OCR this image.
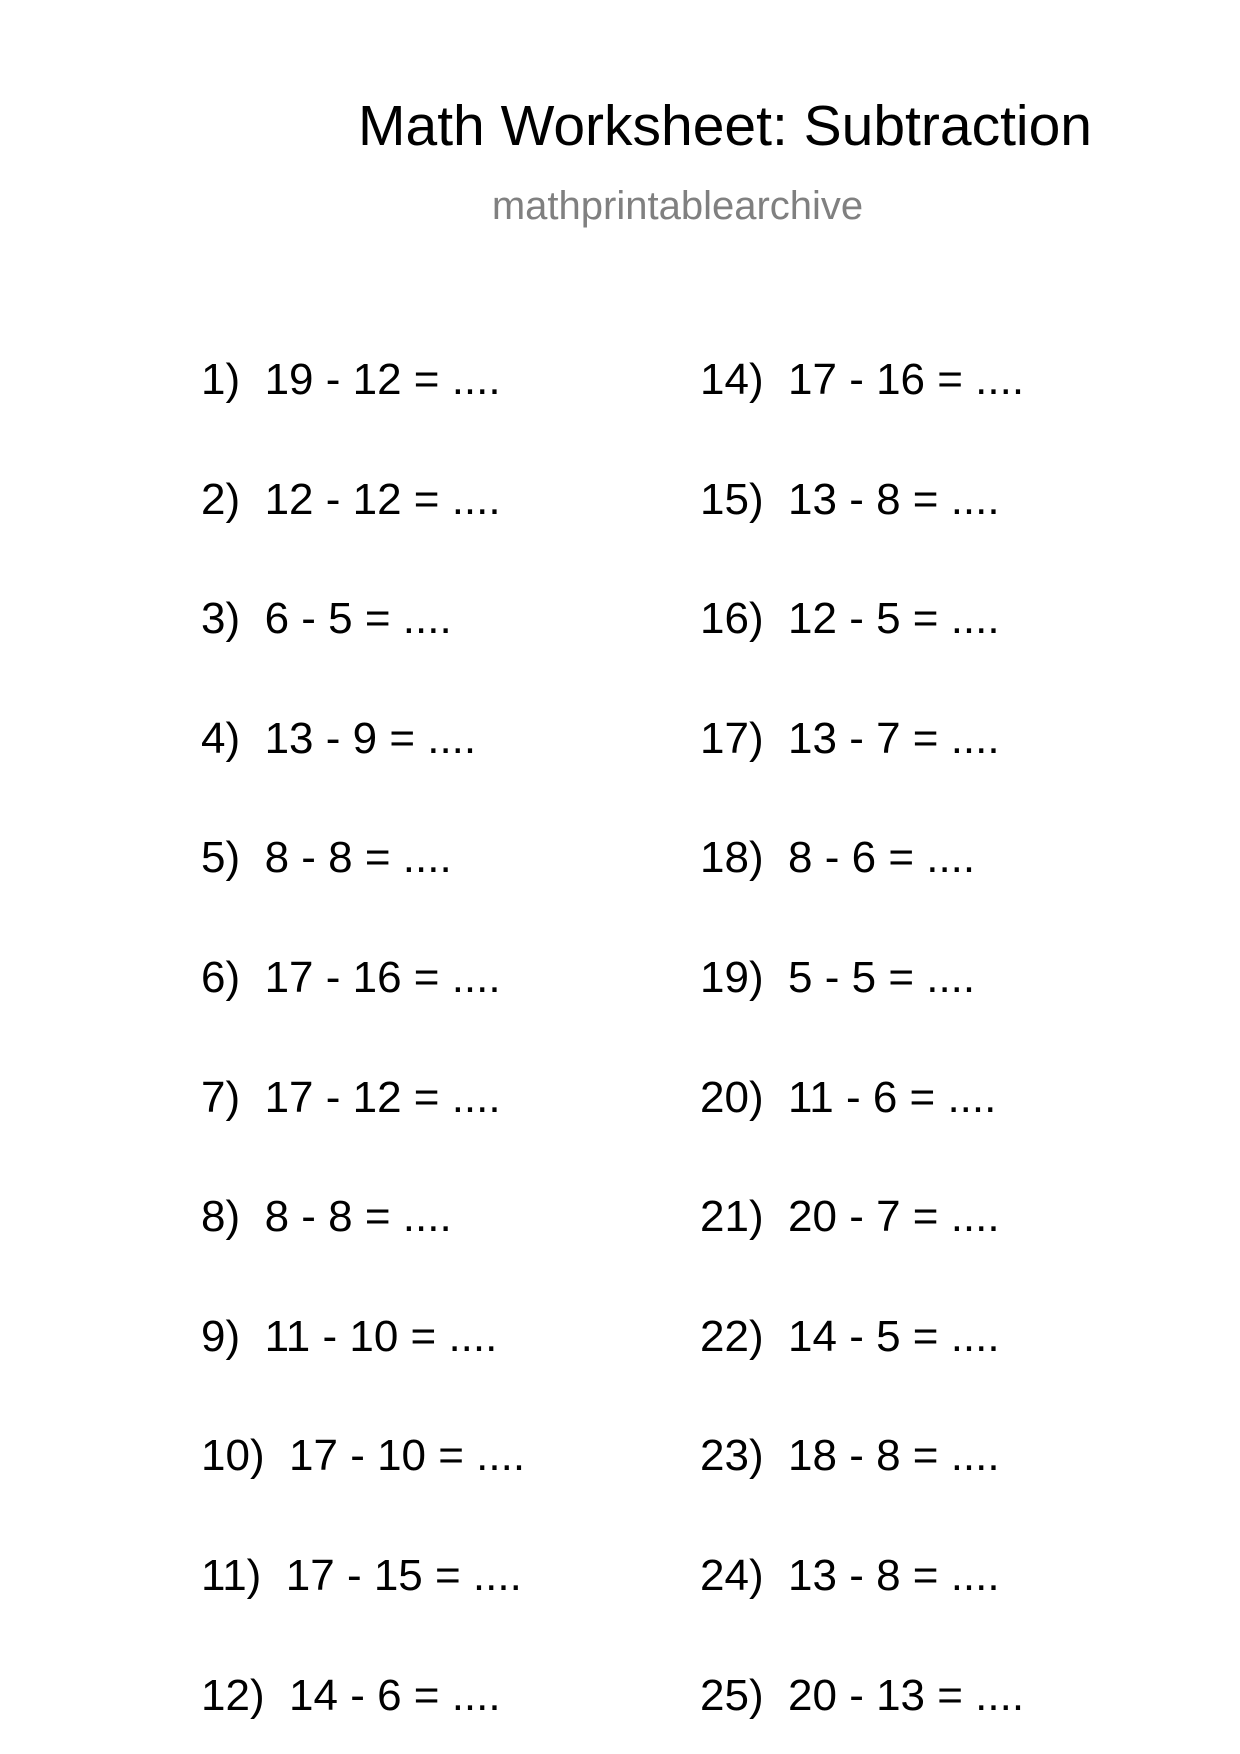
Math Worksheet: Subtraction
mathprintablearchive
1) 19 - 12 = ....
2) 12 - 12 = ....
3) 6 - 5 = ....
4) 13 - 9 = ....
5) 8 - 8 = ....
6) 17 - 16 = ....
7) 17 - 12 = ....
8) 8 - 8 = ....
9) 11 - 10 = ....
10) 17 - 10 = ....
11) 17 - 15 = ....
12) 14 - 6 = ....
14) 17 - 16 = ....
15) 13 - 8 = ....
16) 12 - 5 = ....
17) 13 - 7 = ....
18) 8 - 6 = ....
19) 5 - 5 = ....
20) 11 - 6 = ....
21) 20 - 7 = ....
22) 14 - 5 = ....
23) 18 - 8 = ....
24) 13 - 8 = ....
25) 20 - 13 = ....
